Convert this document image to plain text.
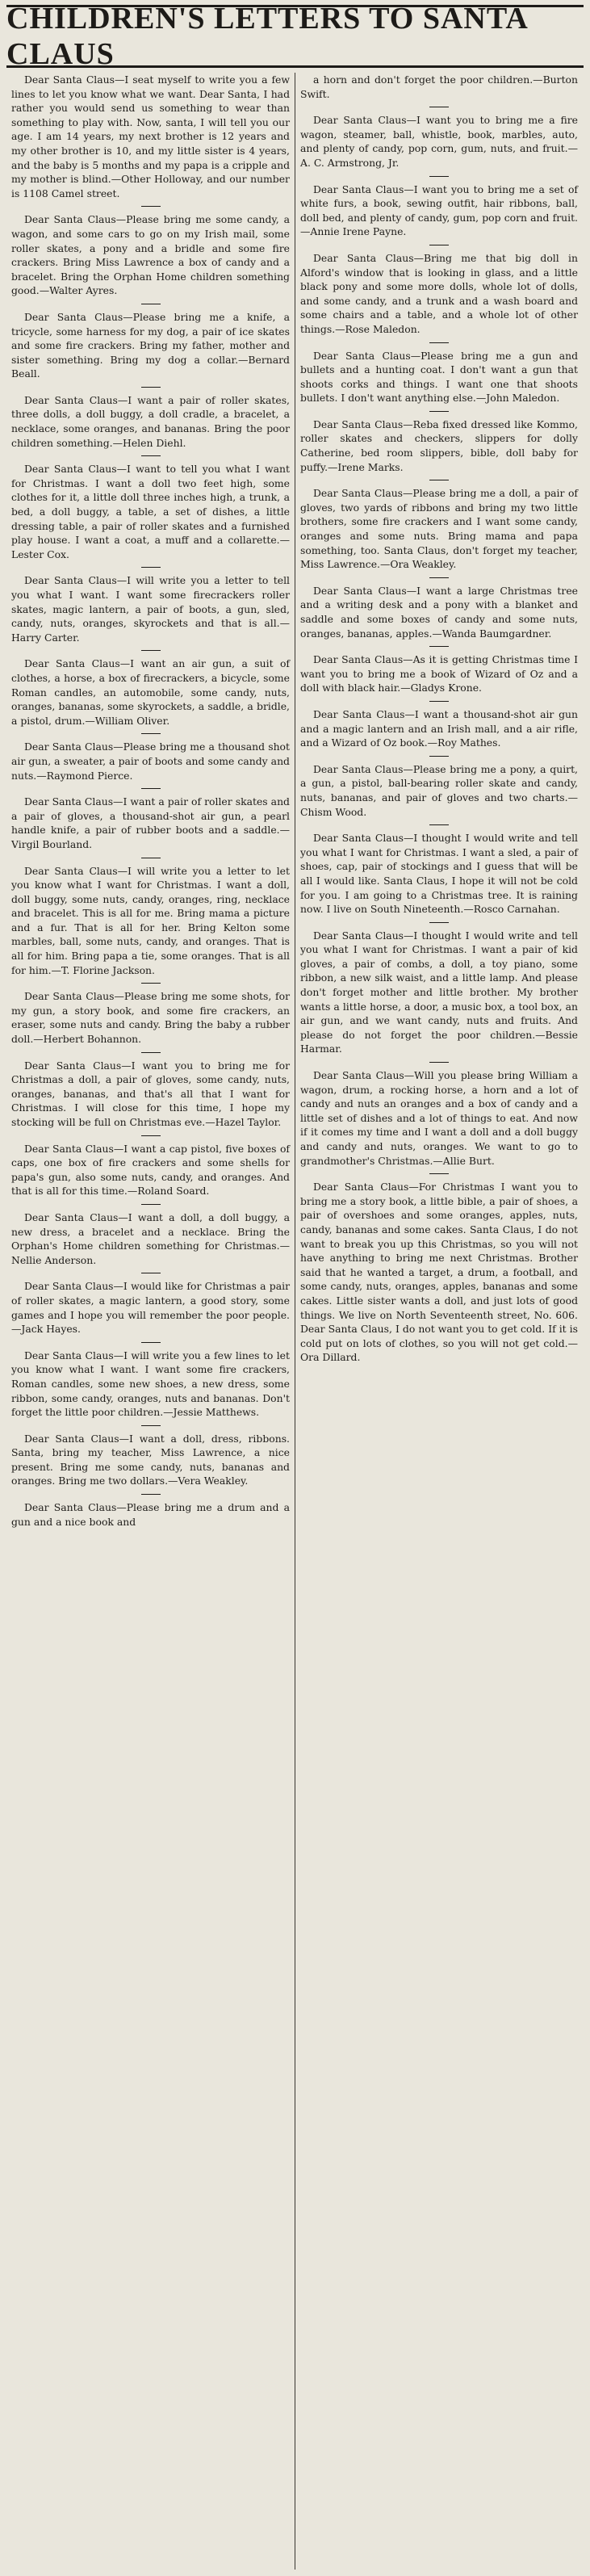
CHILDREN'S LETTERS TO SANTA CLAUS

Dear Santa Claus—I seat myself to write you a few lines to let you know what we want. Dear Santa, I had rather you would send us something to wear than something to play with. Now, santa, I will tell you our age. I am 14 years, my next brother is 12 years and my other brother is 10, and my little sister is 4 years, and the baby is 5 months and my papa is a cripple and my mother is blind.—Other Holloway, and our number is 1108 Camel street.

Dear Santa Claus—Please bring me some candy, a wagon, and some cars to go on my Irish mail, some roller skates, a pony and a bridle and some fire crackers. Bring Miss Lawrence a box of candy and a bracelet. Bring the Orphan Home children something good.—Walter Ayres.

Dear Santa Claus—Please bring me a knife, a tricycle, some harness for my dog, a pair of ice skates and some fire crackers. Bring my father, mother and sister something. Bring my dog a collar.—Bernard Beall.

Dear Santa Claus—I want a pair of roller skates, three dolls, a doll buggy, a doll cradle, a bracelet, a necklace, some oranges, and bananas. Bring the poor children something.—Helen Diehl.

Dear Santa Claus—I want to tell you what I want for Christmas. I want a doll two feet high, some clothes for it, a little doll three inches high, a trunk, a bed, a doll buggy, a table, a set of dishes, a little dressing table, a pair of roller skates and a furnished play house. I want a coat, a muff and a collarette.—Lester Cox.

Dear Santa Claus—I will write you a letter to tell you what I want. I want some firecrackers roller skates, magic lantern, a pair of boots, a gun, sled, candy, nuts, oranges, skyrockets and that is all.—Harry Carter.

Dear Santa Claus—I want an air gun, a suit of clothes, a horse, a box of firecrackers, a bicycle, some Roman candles, an automobile, some candy, nuts, oranges, bananas, some skyrockets, a saddle, a bridle, a pistol, drum.—William Oliver.

Dear Santa Claus—Please bring me a thousand shot air gun, a sweater, a pair of boots and some candy and nuts.—Raymond Pierce.

Dear Santa Claus—I want a pair of roller skates and a pair of gloves, a thousand-shot air gun, a pearl handle knife, a pair of rubber boots and a saddle.—Virgil Bourland.

Dear Santa Claus—I will write you a letter to let you know what I want for Christmas. I want a doll, doll buggy, some nuts, candy, oranges, ring, necklace and bracelet. This is all for me. Bring mama a picture and a fur. That is all for her. Bring Kelton some marbles, ball, some nuts, candy, and oranges. That is all for him. Bring papa a tie, some oranges. That is all for him.—T. Florine Jackson.

Dear Santa Claus—Please bring me some shots, for my gun, a story book, and some fire crackers, an eraser, some nuts and candy. Bring the baby a rubber doll.—Herbert Bohannon.

Dear Santa Claus—I want you to bring me for Christmas a doll, a pair of gloves, some candy, nuts, oranges, bananas, and that's all that I want for Christmas. I will close for this time, I hope my stocking will be full on Christmas eve.—Hazel Taylor.

Dear Santa Claus—I want a cap pistol, five boxes of caps, one box of fire crackers and some shells for papa's gun, also some nuts, candy, and oranges. And that is all for this time.—Roland Soard.

Dear Santa Claus—I want a doll, a doll buggy, a new dress, a bracelet and a necklace. Bring the Orphan's Home children something for Christmas.—Nellie Anderson.

Dear Santa Claus—I would like for Christmas a pair of roller skates, a magic lantern, a good story, some games and I hope you will remember the poor people.—Jack Hayes.

Dear Santa Claus—I will write you a few lines to let you know what I want. I want some fire crackers, Roman candles, some new shoes, a new dress, some ribbon, some candy, oranges, nuts and bananas. Don't forget the little poor children.—Jessie Matthews.

Dear Santa Claus—I want a doll, dress, ribbons. Santa, bring my teacher, Miss Lawrence, a nice present. Bring me some candy, nuts, bananas and oranges. Bring me two dollars.—Vera Weakley.

Dear Santa Claus—Please bring me a drum and a gun and a nice book and

a horn and don't forget the poor children.—Burton Swift.

Dear Santa Claus—I want you to bring me a fire wagon, steamer, ball, whistle, book, marbles, auto, and plenty of candy, pop corn, gum, nuts, and fruit.—A. C. Armstrong, Jr.

Dear Santa Claus—I want you to bring me a set of white furs, a book, sewing outfit, hair ribbons, ball, doll bed, and plenty of candy, gum, pop corn and fruit.—Annie Irene Payne.

Dear Santa Claus—Bring me that big doll in Alford's window that is looking in glass, and a little black pony and some more dolls, whole lot of dolls, and some candy, and a trunk and a wash board and some chairs and a table, and a whole lot of other things.—Rose Maledon.

Dear Santa Claus—Please bring me a gun and bullets and a hunting coat. I don't want a gun that shoots corks and things. I want one that shoots bullets. I don't want anything else.—John Maledon.

Dear Santa Claus—Reba fixed dressed like Kommo, roller skates and checkers, slippers for dolly Catherine, bed room slippers, bible, doll baby for puffy.—Irene Marks.

Dear Santa Claus—Please bring me a doll, a pair of gloves, two yards of ribbons and bring my two little brothers, some fire crackers and I want some candy, oranges and some nuts. Bring mama and papa something, too. Santa Claus, don't forget my teacher, Miss Lawrence.—Ora Weakley.

Dear Santa Claus—I want a large Christmas tree and a writing desk and a pony with a blanket and saddle and some boxes of candy and some nuts, oranges, bananas, apples.—Wanda Baumgardner.

Dear Santa Claus—As it is getting Christmas time I want you to bring me a book of Wizard of Oz and a doll with black hair.—Gladys Krone.

Dear Santa Claus—I want a thousand-shot air gun and a magic lantern and an Irish mall, and a air rifle, and a Wizard of Oz book.—Roy Mathes.

Dear Santa Claus—Please bring me a pony, a quirt, a gun, a pistol, ball-bearing roller skate and candy, nuts, bananas, and pair of gloves and two charts.—Chism Wood.

Dear Santa Claus—I thought I would write and tell you what I want for Christmas. I want a sled, a pair of shoes, cap, pair of stockings and I guess that will be all I would like. Santa Claus, I hope it will not be cold for you. I am going to a Christmas tree. It is raining now. I live on South Nineteenth.—Rosco Carnahan.

Dear Santa Claus—I thought I would write and tell you what I want for Christmas. I want a pair of kid gloves, a pair of combs, a doll, a toy piano, some ribbon, a new silk waist, and a little lamp. And please don't forget mother and little brother. My brother wants a little horse, a door, a music box, a tool box, an air gun, and we want candy, nuts and fruits. And please do not forget the poor children.—Bessie Harmar.

Dear Santa Claus—Will you please bring William a wagon, drum, a rocking horse, a horn and a lot of candy and nuts an oranges and a box of candy and a little set of dishes and a lot of things to eat. And now if it comes my time and I want a doll and a doll buggy and candy and nuts, oranges. We want to go to grandmother's Christmas.—Allie Burt.

Dear Santa Claus—For Christmas I want you to bring me a story book, a little bible, a pair of shoes, a pair of overshoes and some oranges, apples, nuts, candy, bananas and some cakes. Santa Claus, I do not want to break you up this Christmas, so you will not have anything to bring me next Christmas. Brother said that he wanted a target, a drum, a football, and some candy, nuts, oranges, apples, bananas and some cakes. Little sister wants a doll, and just lots of good things. We live on North Seventeenth street, No. 606. Dear Santa Claus, I do not want you to get cold. If it is cold put on lots of clothes, so you will not get cold.—Ora Dillard.
